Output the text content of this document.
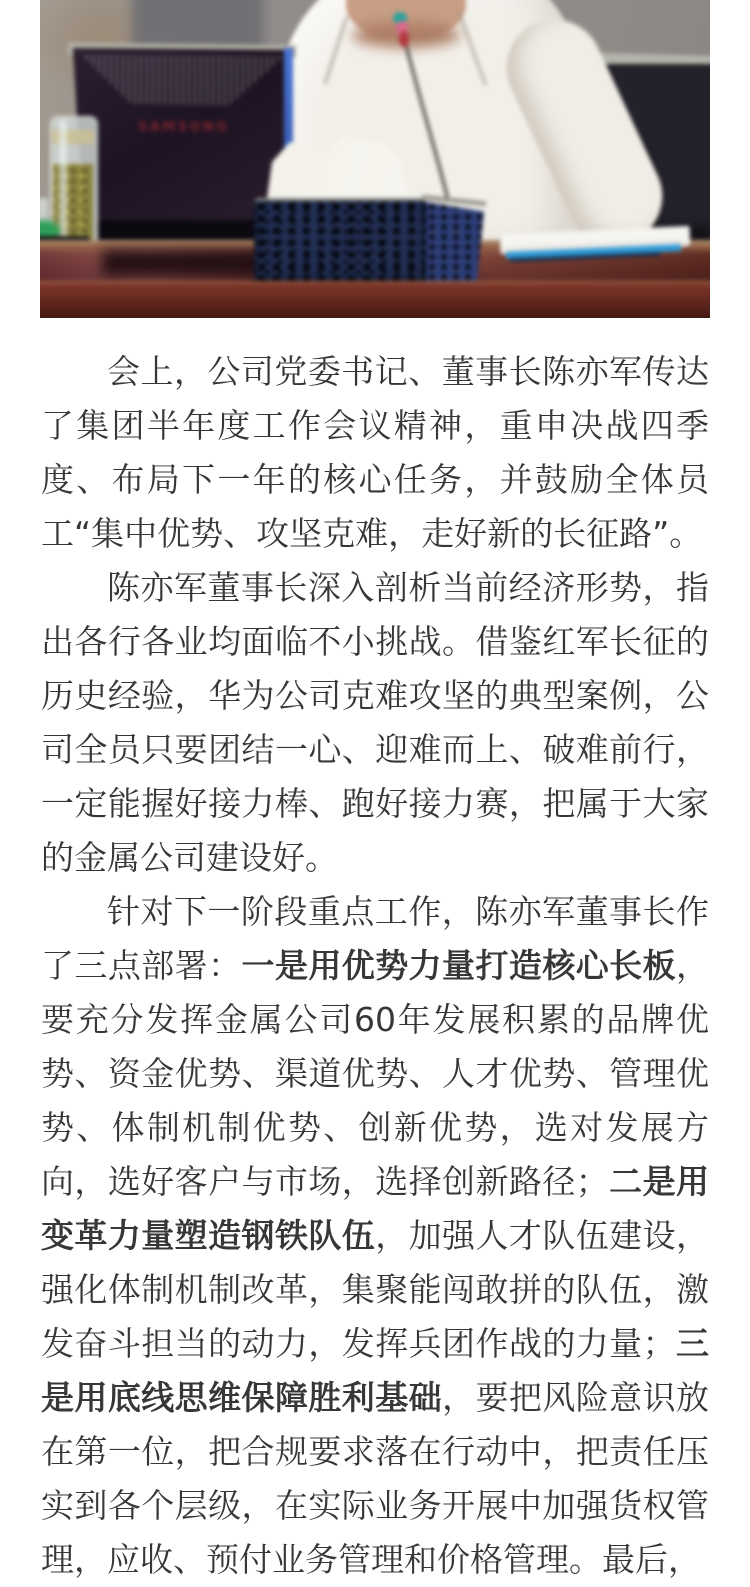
SAMSUNG

会上，公司党委书记、董事长陈亦军传达了集团半年度工作会议精神，重申决战四季度、布局下一年的核心任务，并鼓励全体员工“集中优势、攻坚克难，走好新的长征路”。

陈亦军董事长深入剖析当前经济形势，指出各行各业均面临不小挑战。借鉴红军长征的历史经验，华为公司克难攻坚的典型案例，公司全员只要团结一心、迎难而上、破难前行，一定能握好接力棒、跑好接力赛，把属于大家的金属公司建设好。

针对下一阶段重点工作，陈亦军董事长作了三点部署：一是用优势力量打造核心长板，要充分发挥金属公司60年发展积累的品牌优势、资金优势、渠道优势、人才优势、管理优势、体制机制优势、创新优势，选对发展方向，选好客户与市场，选择创新路径；二是用变革力量塑造钢铁队伍，加强人才队伍建设，强化体制机制改革，集聚能闯敢拼的队伍，激发奋斗担当的动力，发挥兵团作战的力量；三是用底线思维保障胜利基础，要把风险意识放在第一位，把合规要求落在行动中，把责任压实到各个层级，在实际业务开展中加强货权管理，应收、预付业务管理和价格管理。最后，
